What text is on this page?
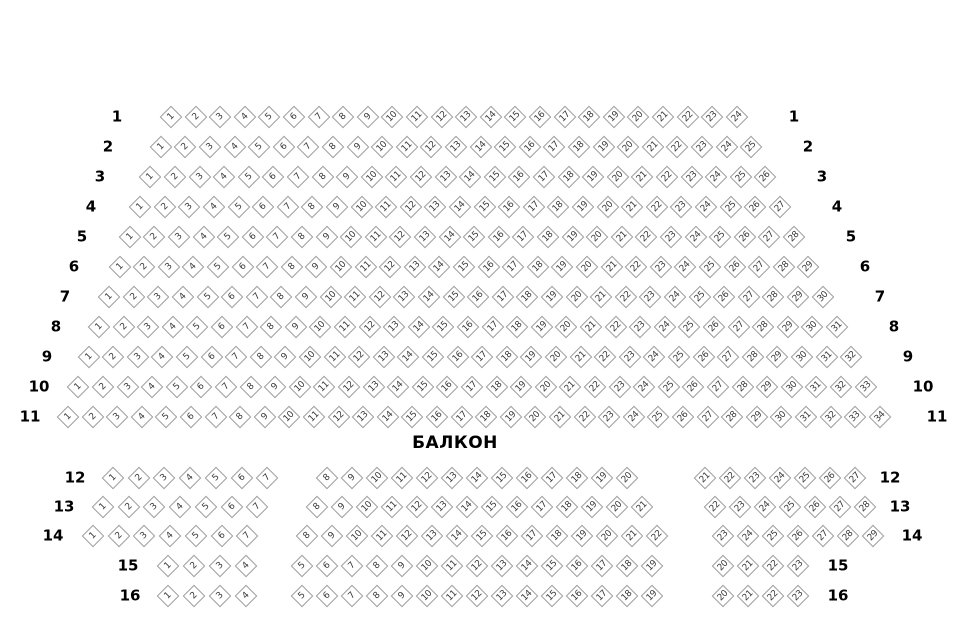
1 2 3 4 5 6 7 8 9 10 11 12 13 14 15 16 17 18 19 20 21 22 23 24
1	1
1 2 3 4 5 6 7 8 9 10 11 12 13 14 15 16 17 18 19 20 21 22 23 24 25
2	2
1 2 3 4 5 6 7 8 9 10 11 12 13 14 15 16 17 18 19 20 21 22 23 24 25 26
3	3
1 2 3 4 5 6 7 8 9 10 11 12 13 14 15 16 17 18 19 20 21 22 23 24 25 26 27
4	4
1 2 3 4 5 6 7 8 9 10 11 12 13 14 15 16 17 18 19 20 21 22 23 24 25 26 27 28
5	5
1 2 3 4 5 6 7 8 9 10 11 12 13 14 15 16 17 18 19 20 21 22 23 24 25 26 27 28 29
6	6
1 2 3 4 5 6 7 8 9 10 11 12 13 14 15 16 17 18 19 20 21 22 23 24 25 26 27 28 29 30
7	7
1 2 3 4 5 6 7 8 9 10 11 12 13 14 15 16 17 18 19 20 21 22 23 24 25 26 27 28 29 30 31
8	8
1 2 3 4 5 6 7 8 9 10 11 12 13 14 15 16 17 18 19 20 21 22 23 24 25 26 27 28 29 30 31 32
9	9
1 2 3 4 5 6 7 8 9 10 11 12 13 14 15 16 17 18 19 20 21 22 23 24 25 26 27 28 29 30 31 32 33
10	10
1 2 3 4 5 6 7 8 9 10 11 12 13 14 15 16 17 18 19 20 21 22 23 24 25 26 27 28 29 30 31 32 33 34
11	11
БАЛКОН
1 2 3 4 5 6 7	8 9 10 11 12 13 14 15 16 17 18 19 20	21 22 23 24 25 26 27
12	12
1 2 3 4 5 6 7	8 9 10 11 12 13 14 15 16 17 18 19 20 21	22 23 24 25 26 27 28
13	13
1 2 3 4 5 6 7	8 9 10 11 12 13 14 15 16 17 18 19 20 21 22	23 24 25 26 27 28 29
14	14
1 2 3 4	5 6 7 8 9 10 11 12 13 14 15 16 17 18 19	20 21 22 23
15	15
1 2 3 4	5 6 7 8 9 10 11 12 13 14 15 16 17 18 19	20 21 22 23
16	16
